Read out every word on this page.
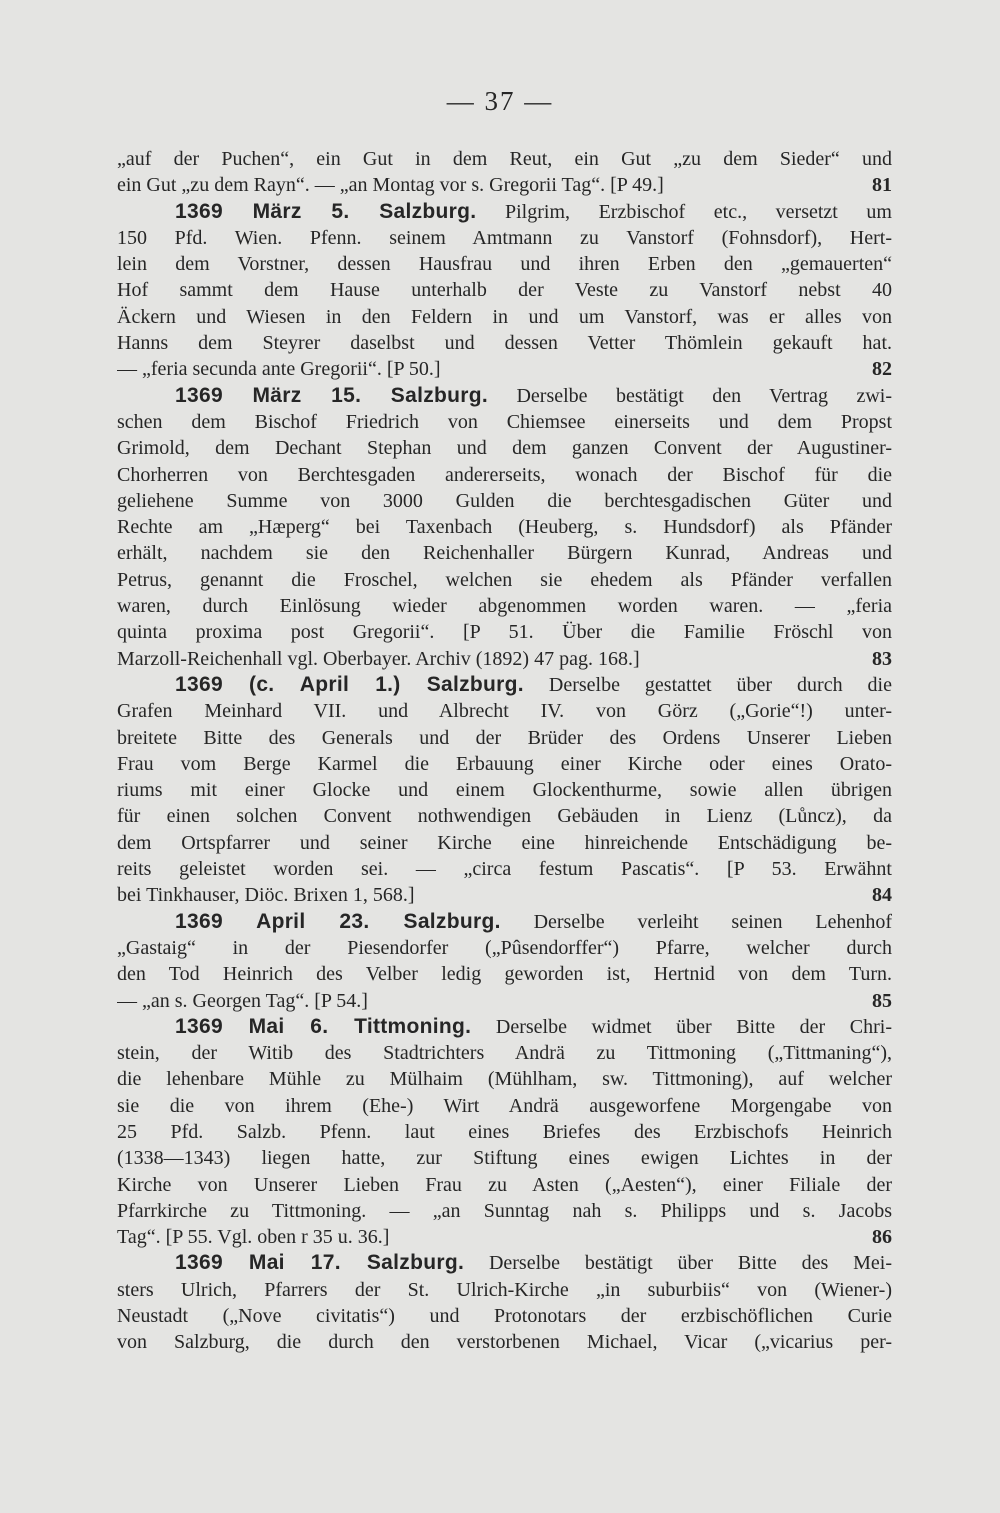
— 37 —
„auf der Puchen“, ein Gut in dem Reut, ein Gut „zu dem Sieder“ und
ein Gut „zu dem Rayn“. — „an Montag vor s. Gregorii Tag“. [P 49.]	81
1369 März 5. Salzburg. Pilgrim, Erzbischof etc., versetzt um
150 Pfd. Wien. Pfenn. seinem Amtmann zu Vanstorf (Fohnsdorf), Hert-
lein dem Vorstner, dessen Hausfrau und ihren Erben den „gemauerten“
Hof sammt dem Hause unterhalb der Veste zu Vanstorf nebst 40
Äckern und Wiesen in den Feldern in und um Vanstorf, was er alles von
Hanns dem Steyrer daselbst und dessen Vetter Thömlein gekauft hat.
— „feria secunda ante Gregorii“. [P 50.]	82
1369 März 15. Salzburg. Derselbe bestätigt den Vertrag zwi-
schen dem Bischof Friedrich von Chiemsee einerseits und dem Propst
Grimold, dem Dechant Stephan und dem ganzen Convent der Augustiner-
Chorherren von Berchtesgaden andererseits, wonach der Bischof für die
geliehene Summe von 3000 Gulden die berchtesgadischen Güter und
Rechte am „Hæperg“ bei Taxenbach (Heuberg, s. Hundsdorf) als Pfänder
erhält, nachdem sie den Reichenhaller Bürgern Kunrad, Andreas und
Petrus, genannt die Froschel, welchen sie ehedem als Pfänder verfallen
waren, durch Einlösung wieder abgenommen worden waren. — „feria
quinta proxima post Gregorii“. [P 51. Über die Familie Fröschl von
Marzoll-Reichenhall vgl. Oberbayer. Archiv (1892) 47 pag. 168.]	83
1369 (c. April 1.) Salzburg. Derselbe gestattet über durch die
Grafen Meinhard VII. und Albrecht IV. von Görz („Gorie“!) unter-
breitete Bitte des Generals und der Brüder des Ordens Unserer Lieben
Frau vom Berge Karmel die Erbauung einer Kirche oder eines Orato-
riums mit einer Glocke und einem Glockenthurme, sowie allen übrigen
für einen solchen Convent nothwendigen Gebäuden in Lienz (Lůncz), da
dem Ortspfarrer und seiner Kirche eine hinreichende Entschädigung be-
reits geleistet worden sei. — „circa festum Pascatis“. [P 53. Erwähnt
bei Tinkhauser, Diöc. Brixen 1, 568.]	84
1369 April 23. Salzburg. Derselbe verleiht seinen Lehenhof
„Gastaig“ in der Piesendorfer („Pûsendorffer“) Pfarre, welcher durch
den Tod Heinrich des Velber ledig geworden ist, Hertnid von dem Turn.
— „an s. Georgen Tag“. [P 54.]	85
1369 Mai 6. Tittmoning. Derselbe widmet über Bitte der Chri-
stein, der Witib des Stadtrichters Andrä zu Tittmoning („Tittmaning“),
die lehenbare Mühle zu Mülhaim (Mühlham, sw. Tittmoning), auf welcher
sie die von ihrem (Ehe-) Wirt Andrä ausgeworfene Morgengabe von
25 Pfd. Salzb. Pfenn. laut eines Briefes des Erzbischofs Heinrich
(1338—1343) liegen hatte, zur Stiftung eines ewigen Lichtes in der
Kirche von Unserer Lieben Frau zu Asten („Aesten“), einer Filiale der
Pfarrkirche zu Tittmoning. — „an Sunntag nah s. Philipps und s. Jacobs
Tag“. [P 55. Vgl. oben r 35 u. 36.]	86
1369 Mai 17. Salzburg. Derselbe bestätigt über Bitte des Mei-
sters Ulrich, Pfarrers der St. Ulrich-Kirche „in suburbiis“ von (Wiener-)
Neustadt („Nove civitatis“) und Protonotars der erzbischöflichen Curie
von Salzburg, die durch den verstorbenen Michael, Vicar („vicarius per-
